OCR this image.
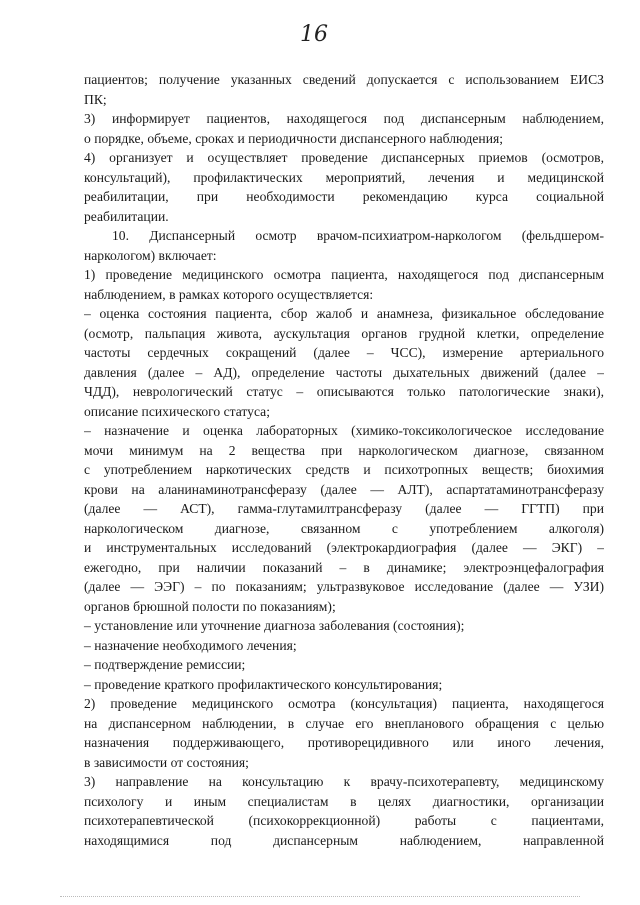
16
пациентов; получение указанных сведений допускается с использованием ЕИСЗ
ПК;
3) информирует пациентов, находящегося под диспансерным наблюдением,
о порядке, объеме, сроках и периодичности диспансерного наблюдения;
4) организует и осуществляет проведение диспансерных приемов (осмотров,
консультаций), профилактических мероприятий, лечения и медицинской
реабилитации, при необходимости рекомендацию курса социальной
реабилитации.
10. Диспансерный осмотр врачом-психиатром-наркологом (фельдшером-
наркологом) включает:
1) проведение медицинского осмотра пациента, находящегося под диспансерным
наблюдением, в рамках которого осуществляется:
– оценка состояния пациента, сбор жалоб и анамнеза, физикальное обследование
(осмотр, пальпация живота, аускультация органов грудной клетки, определение
частоты сердечных сокращений (далее – ЧСС), измерение артериального
давления (далее – АД), определение частоты дыхательных движений (далее –
ЧДД), неврологический статус – описываются только патологические знаки),
описание психического статуса;
– назначение и оценка лабораторных (химико-токсикологическое исследование
мочи минимум на 2 вещества при наркологическом диагнозе, связанном
с употреблением наркотических средств и психотропных веществ; биохимия
крови на аланинаминотрансферазу (далее — АЛТ), аспартатаминотрансферазу
(далее — АСТ), гамма-глутамилтрансферазу (далее — ГГТП) при
наркологическом диагнозе, связанном с употреблением алкоголя)
и инструментальных исследований (электрокардиография (далее — ЭКГ) –
ежегодно, при наличии показаний – в динамике; электроэнцефалография
(далее — ЭЭГ) – по показаниям; ультразвуковое исследование (далее — УЗИ)
органов брюшной полости по показаниям);
– установление или уточнение диагноза заболевания (состояния);
– назначение необходимого лечения;
– подтверждение ремиссии;
– проведение краткого профилактического консультирования;
2) проведение медицинского осмотра (консультация) пациента, находящегося
на диспансерном наблюдении, в случае его внепланового обращения с целью
назначения поддерживающего, противорецидивного или иного лечения,
в зависимости от состояния;
3) направление на консультацию к врачу-психотерапевту, медицинскому
психологу и иным специалистам в целях диагностики, организации
психотерапевтической (психокоррекционной) работы с пациентами,
находящимися под диспансерным наблюдением, направленной
